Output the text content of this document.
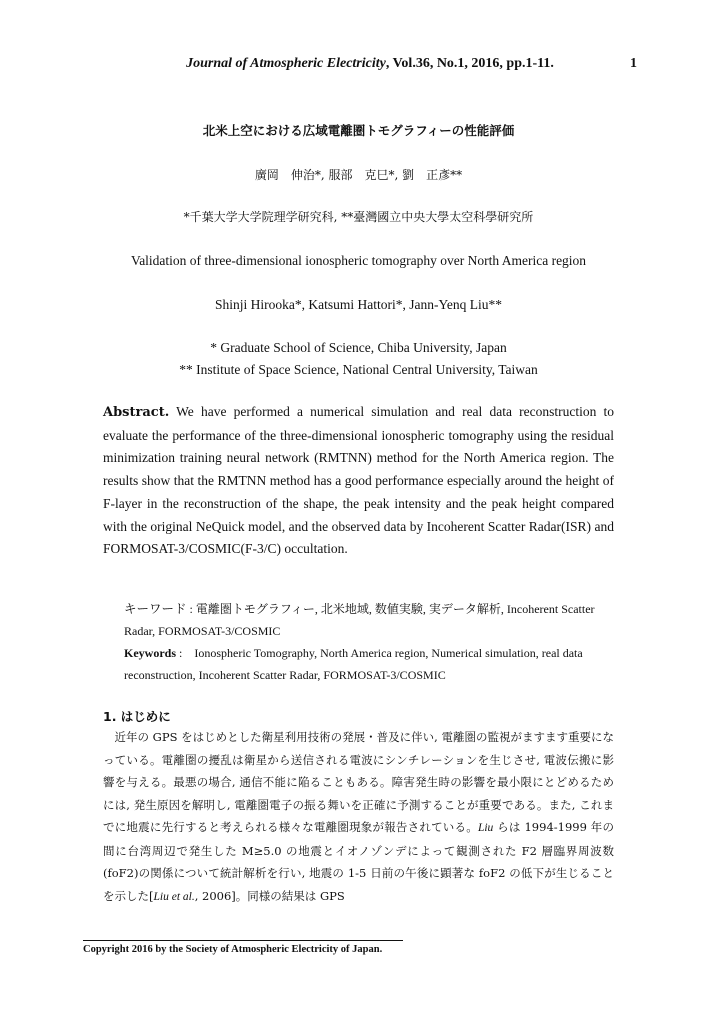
Journal of Atmospheric Electricity, Vol.36, No.1, 2016, pp.1-11.	1
北米上空における広域電離圏トモグラフィーの性能評価
廣岡　伸治*, 服部　克巳*, 劉　正彥**
*千葉大学大学院理学研究科, **臺灣國立中央大學太空科學研究所
Validation of three-dimensional ionospheric tomography over North America region
Shinji Hirooka*, Katsumi Hattori*, Jann-Yenq Liu**
* Graduate School of Science, Chiba University, Japan
** Institute of Space Science, National Central University, Taiwan
Abstract. We have performed a numerical simulation and real data reconstruction to evaluate the performance of the three-dimensional ionospheric tomography using the residual minimization training neural network (RMTNN) method for the North America region. The results show that the RMTNN method has a good performance especially around the height of F-layer in the reconstruction of the shape, the peak intensity and the peak height compared with the original NeQuick model, and the observed data by Incoherent Scatter Radar(ISR) and FORMOSAT-3/COSMIC(F-3/C) occultation.
キーワード : 電離圏トモグラフィー, 北米地域, 数値実験, 実データ解析, Incoherent Scatter Radar, FORMOSAT-3/COSMIC
Keywords :　Ionospheric Tomography, North America region, Numerical simulation, real data reconstruction, Incoherent Scatter Radar, FORMOSAT-3/COSMIC
1. はじめに
近年の GPS をはじめとした衛星利用技術の発展・普及に伴い, 電離圏の監視がますます重要になっている。電離圏の擾乱は衛星から送信される電波にシンチレーションを生じさせ, 電波伝搬に影響を与える。最悪の場合, 通信不能に陥ることもある。障害発生時の影響を最小限にとどめるためには, 発生原因を解明し, 電離圏電子の振る舞いを正確に予測することが重要である。また, これまでに地震に先行すると考えられる様々な電離圏現象が報告されている。Liu らは 1994-1999 年の間に台湾周辺で発生した M≥5.0 の地震とイオノゾンデによって観測された F2 層臨界周波数(foF2)の関係について統計解析を行い, 地震の 1-5 日前の午後に顕著な foF2 の低下が生じることを示した[Liu et al., 2006]。同様の結果は GPS
Copyright 2016 by the Society of Atmospheric Electricity of Japan.
